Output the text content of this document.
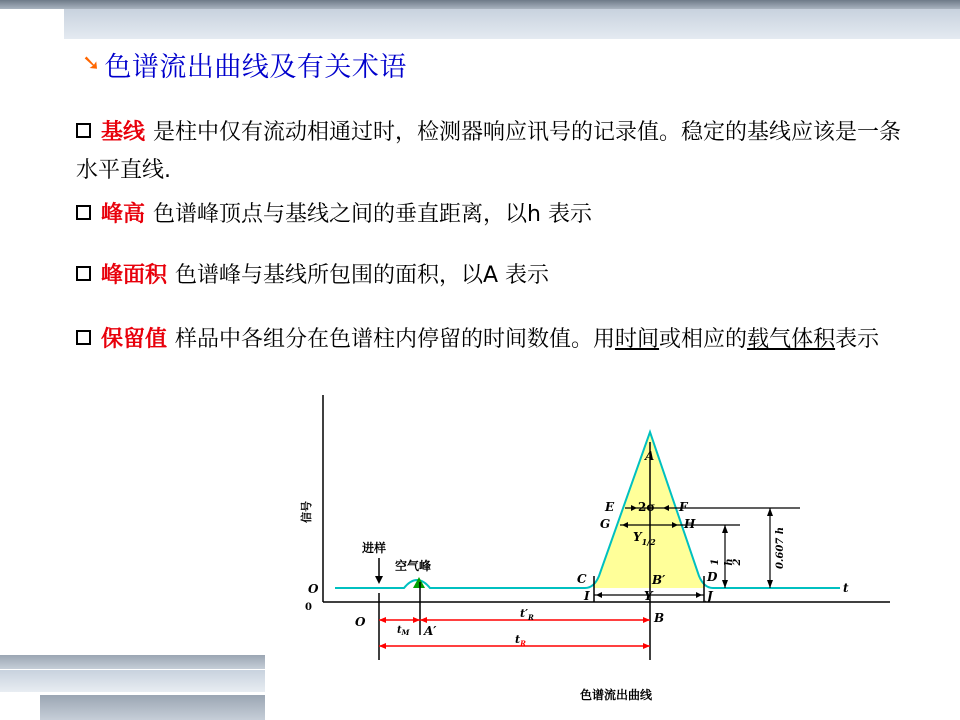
➘ 色谱流出曲线及有关术语
基线 是柱中仅有流动相通过时，检测器响应讯号的记录值。稳定的基线应该是一条水平直线.
峰高 色谱峰顶点与基线之间的垂直距离，以h 表示
峰面积 色谱峰与基线所包围的面积，以A 表示
保留值 样品中各组分在色谱柱内停留的时间数值。用时间或相应的载气体积表示
信号
进样
空气峰
A
E	F
G	H
C	D
I	J
Y
B′
B
O
O
A′
t
2σ
$Y_{1/2}$
$t_M$
$t'_R$
$t_R$
0
1 h
2	0.607 h
色谱流出曲线
